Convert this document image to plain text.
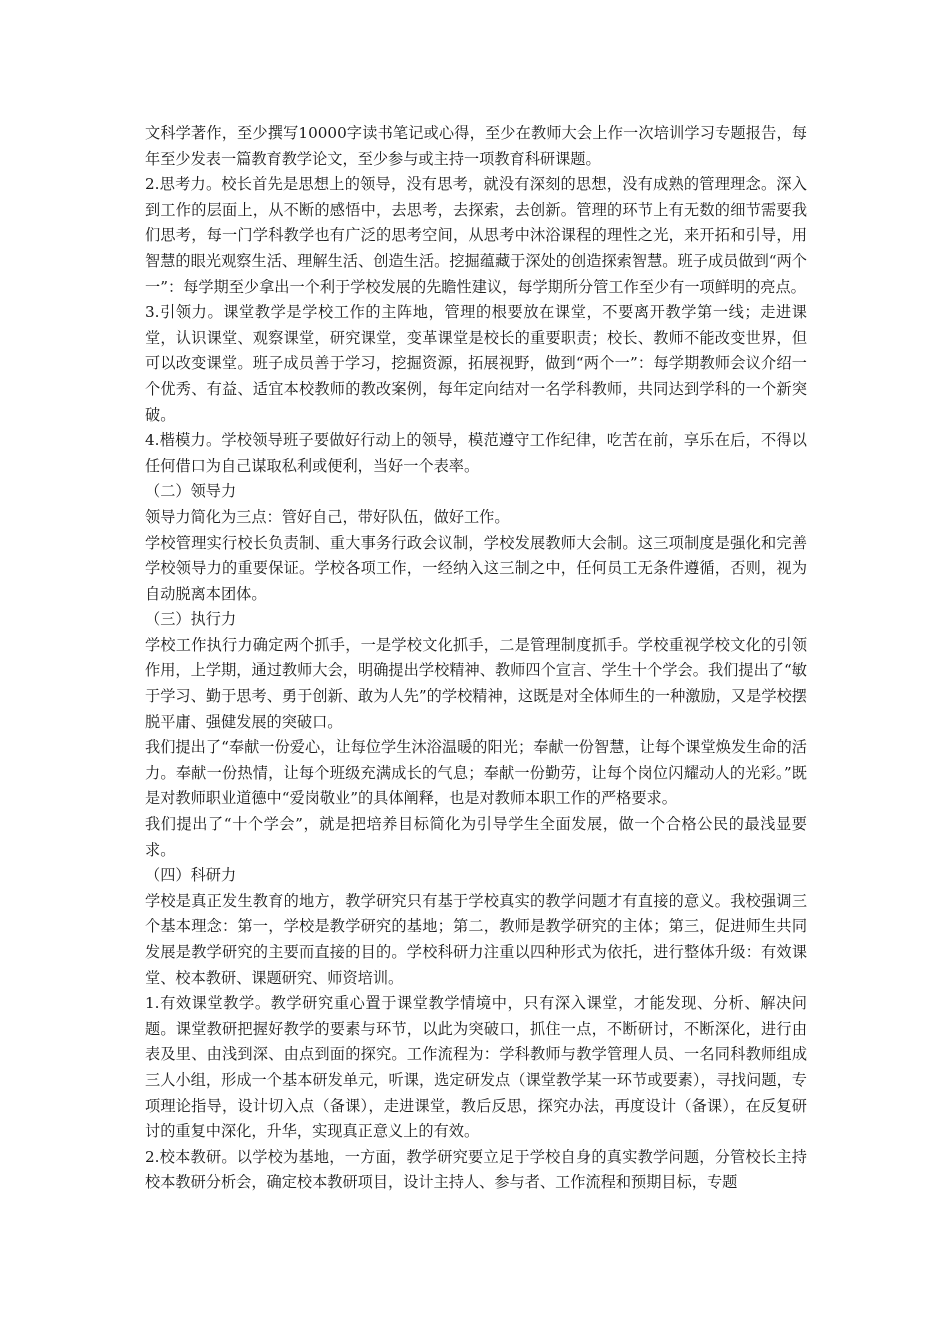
文科学著作，至少撰写10000字读书笔记或心得，至少在教师大会上作一次培训学习专题报告，每年至少发表一篇教育教学论文，至少参与或主持一项教育科研课题。

2.思考力。校长首先是思想上的领导，没有思考，就没有深刻的思想，没有成熟的管理理念。深入到工作的层面上，从不断的感悟中，去思考，去探索，去创新。管理的环节上有无数的细节需要我们思考，每一门学科教学也有广泛的思考空间，从思考中沐浴课程的理性之光，来开拓和引导，用智慧的眼光观察生活、理解生活、创造生活。挖掘蕴藏于深处的创造探索智慧。班子成员做到“两个一”：每学期至少拿出一个利于学校发展的先瞻性建议，每学期所分管工作至少有一项鲜明的亮点。

3.引领力。课堂教学是学校工作的主阵地，管理的根要放在课堂，不要离开教学第一线；走进课堂，认识课堂、观察课堂，研究课堂，变革课堂是校长的重要职责；校长、教师不能改变世界，但可以改变课堂。班子成员善于学习，挖掘资源，拓展视野，做到“两个一”：每学期教师会议介绍一个优秀、有益、适宜本校教师的教改案例，每年定向结对一名学科教师，共同达到学科的一个新突破。

4.楷模力。学校领导班子要做好行动上的领导，模范遵守工作纪律，吃苦在前，享乐在后，不得以任何借口为自己谋取私利或便利，当好一个表率。

（二）领导力

领导力简化为三点：管好自己，带好队伍，做好工作。

学校管理实行校长负责制、重大事务行政会议制，学校发展教师大会制。这三项制度是强化和完善学校领导力的重要保证。学校各项工作，一经纳入这三制之中，任何员工无条件遵循，否则，视为自动脱离本团体。

（三）执行力

学校工作执行力确定两个抓手，一是学校文化抓手，二是管理制度抓手。学校重视学校文化的引领作用，上学期，通过教师大会，明确提出学校精神、教师四个宣言、学生十个学会。我们提出了“敏于学习、勤于思考、勇于创新、敢为人先”的学校精神，这既是对全体师生的一种激励，又是学校摆脱平庸、强健发展的突破口。

我们提出了“奉献一份爱心，让每位学生沐浴温暖的阳光；奉献一份智慧，让每个课堂焕发生命的活力。奉献一份热情，让每个班级充满成长的气息；奉献一份勤劳，让每个岗位闪耀动人的光彩。”既是对教师职业道德中“爱岗敬业”的具体阐释，也是对教师本职工作的严格要求。

我们提出了“十个学会”，就是把培养目标简化为引导学生全面发展，做一个合格公民的最浅显要求。

（四）科研力

学校是真正发生教育的地方，教学研究只有基于学校真实的教学问题才有直接的意义。我校强调三个基本理念：第一，学校是教学研究的基地；第二，教师是教学研究的主体；第三，促进师生共同发展是教学研究的主要而直接的目的。学校科研力注重以四种形式为依托，进行整体升级：有效课堂、校本教研、课题研究、师资培训。

1.有效课堂教学。教学研究重心置于课堂教学情境中，只有深入课堂，才能发现、分析、解决问题。课堂教研把握好教学的要素与环节，以此为突破口，抓住一点，不断研讨，不断深化，进行由表及里、由浅到深、由点到面的探究。工作流程为：学科教师与教学管理人员、一名同科教师组成三人小组，形成一个基本研发单元，听课，选定研发点（课堂教学某一环节或要素），寻找问题，专项理论指导，设计切入点（备课），走进课堂，教后反思，探究办法，再度设计（备课），在反复研讨的重复中深化，升华，实现真正意义上的有效。

2.校本教研。以学校为基地，一方面，教学研究要立足于学校自身的真实教学问题，分管校长主持校本教研分析会，确定校本教研项目，设计主持人、参与者、工作流程和预期目标，专题
